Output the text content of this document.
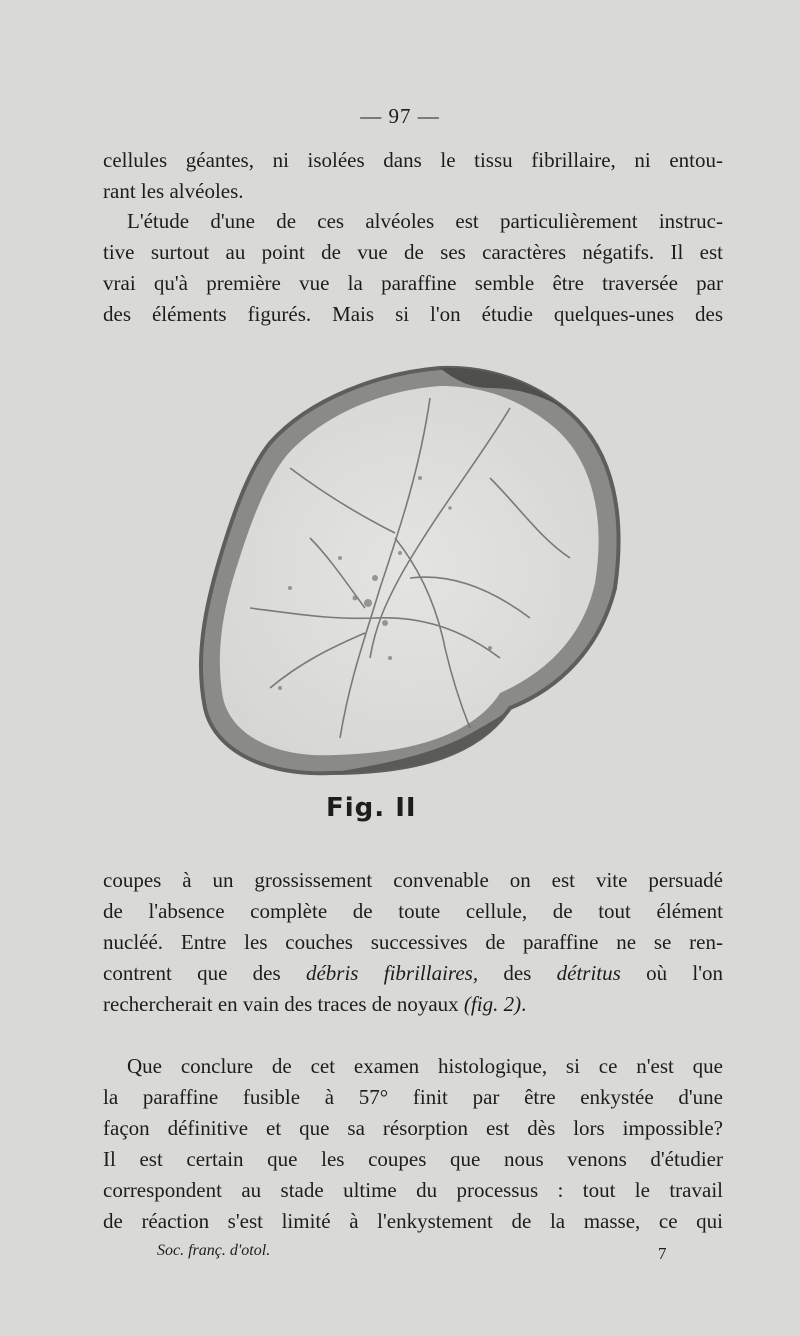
— 97 —

cellules géantes, ni isolées dans le tissu fibrillaire, ni entou-
rant les alvéoles.

L'étude d'une de ces alvéoles est particulièrement instruc-
tive surtout au point de vue de ses caractères négatifs. Il est
vrai qu'à première vue la paraffine semble être traversée par
des éléments figurés. Mais si l'on étudie quelques-unes des

Fig. II

coupes à un grossissement convenable on est vite persuadé
de l'absence complète de toute cellule, de tout élément
nucléé. Entre les couches successives de paraffine ne se ren-
contrent que des débris fibrillaires, des détritus où l'on
rechercherait en vain des traces de noyaux (fig. 2).

Que conclure de cet examen histologique, si ce n'est que
la paraffine fusible à 57° finit par être enkystée d'une
façon définitive et que sa résorption est dès lors impossible?
Il est certain que les coupes que nous venons d'étudier
correspondent au stade ultime du processus : tout le travail
de réaction s'est limité à l'enkystement de la masse, ce qui

Soc. franç. d'otol.	7
